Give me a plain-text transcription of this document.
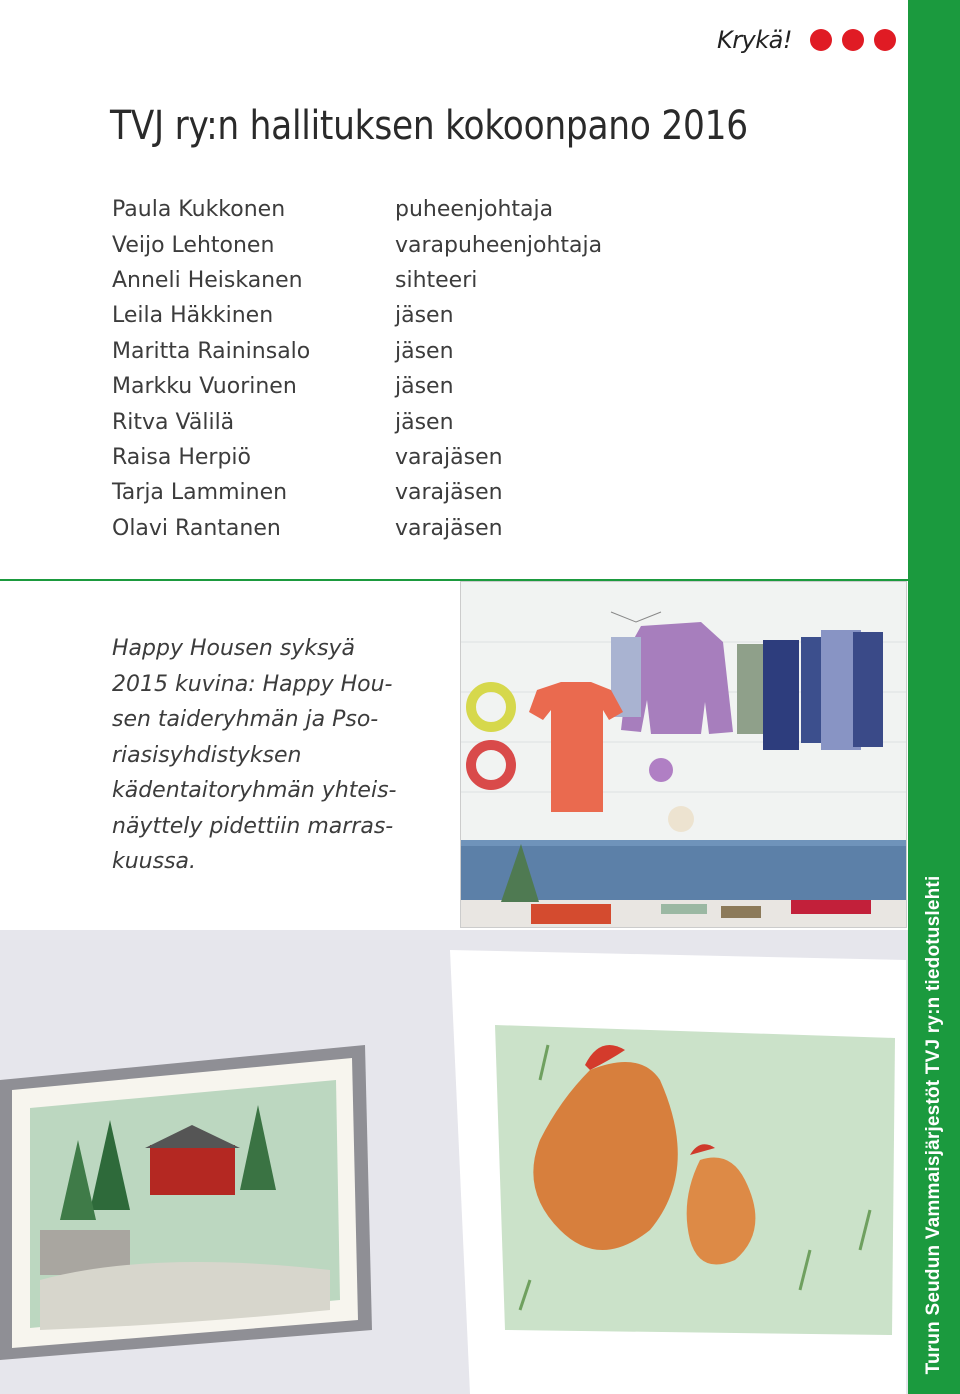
Krykä!
TVJ ry:n hallituksen kokoonpano 2016
Paula Kukkonen	puheenjohtaja
Veijo Lehtonen	varapuheenjohtaja
Anneli Heiskanen	sihteeri
Leila Häkkinen	jäsen
Maritta Raininsalo	jäsen
Markku Vuorinen	jäsen
Ritva Välilä	jäsen
Raisa Herpiö	varajäsen
Tarja Lamminen	varajäsen
Olavi Rantanen	varajäsen

Happy Housen syksyä

2015 kuvina: Happy Hou-

sen taideryhmän ja Pso-

riasisyhdistyksen

kädentaitoryhmän yhteis-

näyttely pidettiin marras-

kuussa.

Turun Seudun Vammaisjärjestöt TVJ ry:n tiedotuslehti
